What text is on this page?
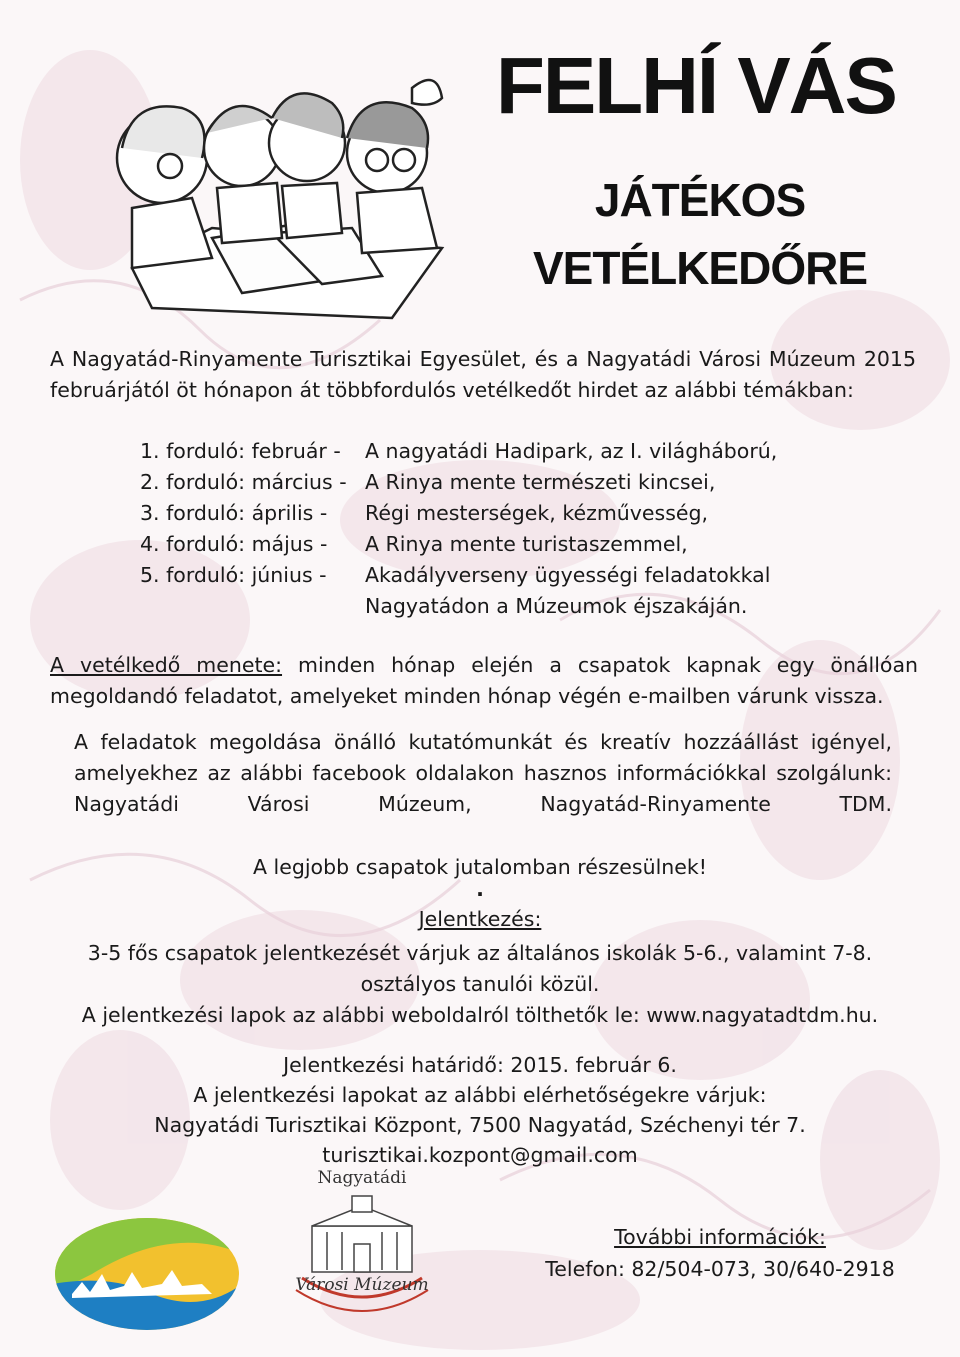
FELHÍ VÁS
JÁTÉKOS
VETÉLKEDŐRE
A Nagyatád-Rinyamente Turisztikai Egyesület, és a Nagyatádi Városi Múzeum 2015 februárjától öt hónapon át többfordulós vetélkedőt hirdet az alábbi témákban:
1. forduló: február - A nagyatádi Hadipark, az I. világháború,
2. forduló: március - A Rinya mente természeti kincsei,
3. forduló: április - Régi mesterségek, kézművesség,
4. forduló: május - A Rinya mente turistaszemmel,
5. forduló: június - Akadályverseny ügyességi feladatokkal
Nagyatádon a Múzeumok éjszakáján.
A vetélkedő menete: minden hónap elején a csapatok kapnak egy önállóan megoldandó feladatot, amelyeket minden hónap végén e-mailben várunk vissza.
A feladatok megoldása önálló kutatómunkát és kreatív hozzáállást igényel, amelyekhez az alábbi facebook oldalakon hasznos információkkal szolgálunk: Nagyatádi Városi Múzeum, Nagyatád-Rinyamente TDM.
A legjobb csapatok jutalomban részesülnek!
.
Jelentkezés:
3-5 fős csapatok jelentkezését várjuk az általános iskolák 5-6., valamint 7-8. osztályos tanulói közül.
A jelentkezési lapok az alábbi weboldalról tölthetők le: www.nagyatadtdm.hu.
Jelentkezési határidő: 2015. február 6.
A jelentkezési lapokat az alábbi elérhetőségekre várjuk:
Nagyatádi Turisztikai Központ, 7500 Nagyatád, Széchenyi tér 7.
turisztikai.kozpont@gmail.com
Nagyatádi
Városi Múzeum
További információk:
Telefon: 82/504-073, 30/640-2918
